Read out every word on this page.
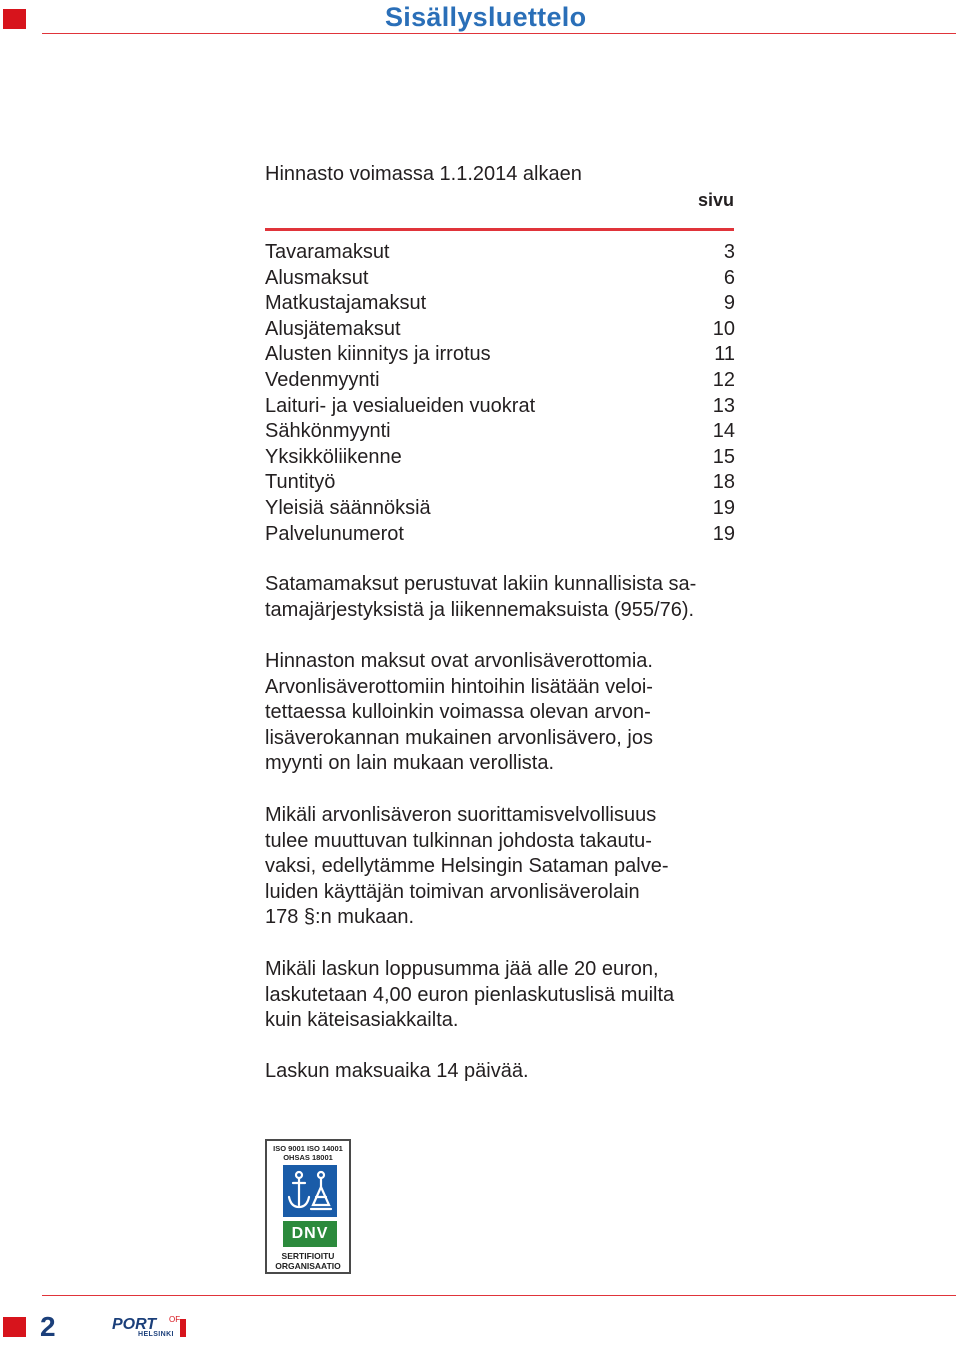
Sisällysluettelo
Hinnasto voimassa 1.1.2014 alkaen
sivu
Tavaramaksut	3
Alusmaksut	6
Matkustajamaksut	9
Alusjätemaksut	10
Alusten kiinnitys ja irrotus	11
Vedenmyynti	12
Laituri- ja vesialueiden vuokrat	13
Sähkönmyynti	14
Yksikköliikenne	15
Tuntityö	18
Yleisiä säännöksiä	19
Palvelunumerot	19
Satamamaksut perustuvat lakiin kunnallisista sa-
tamajärjestyksistä ja liikennemaksuista (955/76).
Hinnaston maksut ovat arvonlisäverottomia.
Arvonlisäverottomiin hintoihin lisätään veloi-
tettaessa kulloinkin voimassa olevan arvon-
lisäverokannan mukainen arvonlisävero, jos
myynti on lain mukaan verollista.
Mikäli arvonlisäveron suorittamisvelvollisuus
tulee muuttuvan tulkinnan johdosta takautu-
vaksi, edellytämme Helsingin Sataman palve-
luiden käyttäjän toimivan arvonlisäverolain
178 §:n mukaan.
Mikäli laskun loppusumma jää alle 20 euron,
laskutetaan 4,00 euron pienlaskutuslisä muilta
kuin käteisasiakkailta.
Laskun maksuaika 14 päivää.
ISO 9001 ISO 14001
OHSAS 18001
DNV
SERTIFIOITU
ORGANISAATIO
2	PORT OF
HELSINKI
